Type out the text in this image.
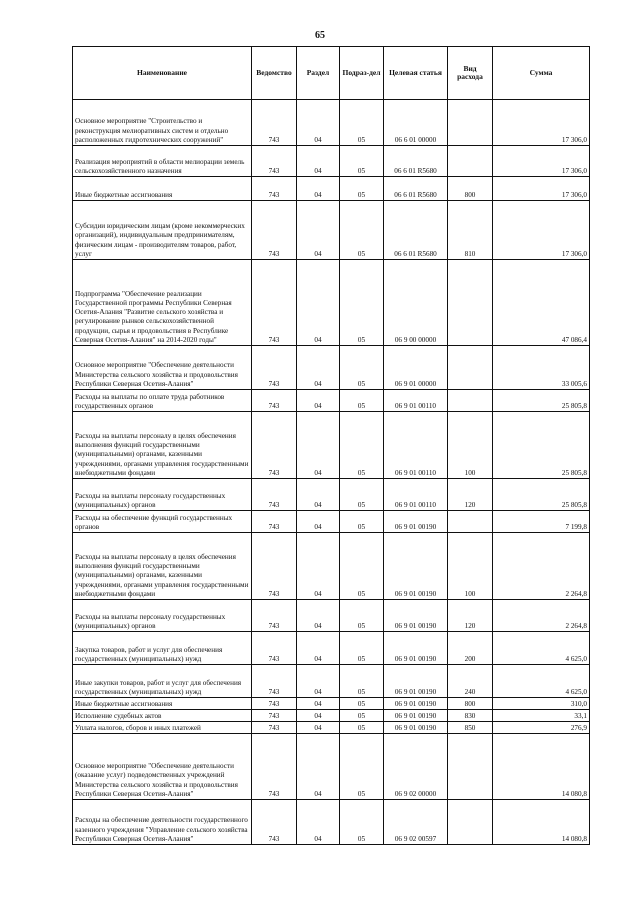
65
Наименование	Ведомство	Раздел	Подраз-дел	Целевая статья	Вид расхода	Сумма
Основное мероприятие "Строительство и реконструкция мелиоративных систем и отдельно расположенных гидротехнических сооружений"	743	04	05	06 6 01 00000		17 306,0
Реализация мероприятий в области мелиорации земель сельскохозяйственного назначения	743	04	05	06 6 01 R5680		17 306,0
Иные бюджетные ассигнования	743	04	05	06 6 01 R5680	800	17 306,0
Субсидии юридическим лицам (кроме некоммерческих организаций), индивидуальным предпринимателям, физическим лицам - производителям товаров, работ, услуг	743	04	05	06 6 01 R5680	810	17 306,0
Подпрограмма "Обеспечение реализации Государственной программы Республики Северная Осетия-Алания "Развитие сельского хозяйства и регулирование рынков сельскохозяйственной продукции, сырья и продовольствия в Республике Северная Осетия-Алания" на 2014-2020 годы"	743	04	05	06 9 00 00000		47 086,4
Основное мероприятие "Обеспечение деятельности Министерства сельского хозяйства и продовольствия Республики Северная Осетия-Алания"	743	04	05	06 9 01 00000		33 005,6
Расходы на выплаты по оплате труда работников государственных органов	743	04	05	06 9 01 00110		25 805,8
Расходы на выплаты персоналу в целях обеспечения выполнения функций государственными (муниципальными) органами, казенными учреждениями, органами управления государственными внебюджетными фондами	743	04	05	06 9 01 00110	100	25 805,8
Расходы на выплаты персоналу государственных (муниципальных) органов	743	04	05	06 9 01 00110	120	25 805,8
Расходы на обеспечение функций государственных органов	743	04	05	06 9 01 00190		7 199,8
Расходы на выплаты персоналу в целях обеспечения выполнения функций государственными (муниципальными) органами, казенными учреждениями, органами управления государственными внебюджетными фондами	743	04	05	06 9 01 00190	100	2 264,8
Расходы на выплаты персоналу государственных (муниципальных) органов	743	04	05	06 9 01 00190	120	2 264,8
Закупка товаров, работ и услуг для обеспечения государственных (муниципальных) нужд	743	04	05	06 9 01 00190	200	4 625,0
Иные закупки товаров, работ и услуг для обеспечения государственных (муниципальных) нужд	743	04	05	06 9 01 00190	240	4 625,0
Иные бюджетные ассигнования	743	04	05	06 9 01 00190	800	310,0
Исполнение судебных актов	743	04	05	06 9 01 00190	830	33,1
Уплата налогов, сборов и иных платежей	743	04	05	06 9 01 00190	850	276,9
Основное мероприятие "Обеспечение деятельности (оказание услуг) подведомственных учреждений Министерства сельского хозяйства и продовольствия Республики Северная Осетия-Алания"	743	04	05	06 9 02 00000		14 080,8
Расходы на обеспечение деятельности государственного казенного учреждения "Управление сельского хозяйства Республики Северная Осетия-Алания"	743	04	05	06 9 02 00597		14 080,8
